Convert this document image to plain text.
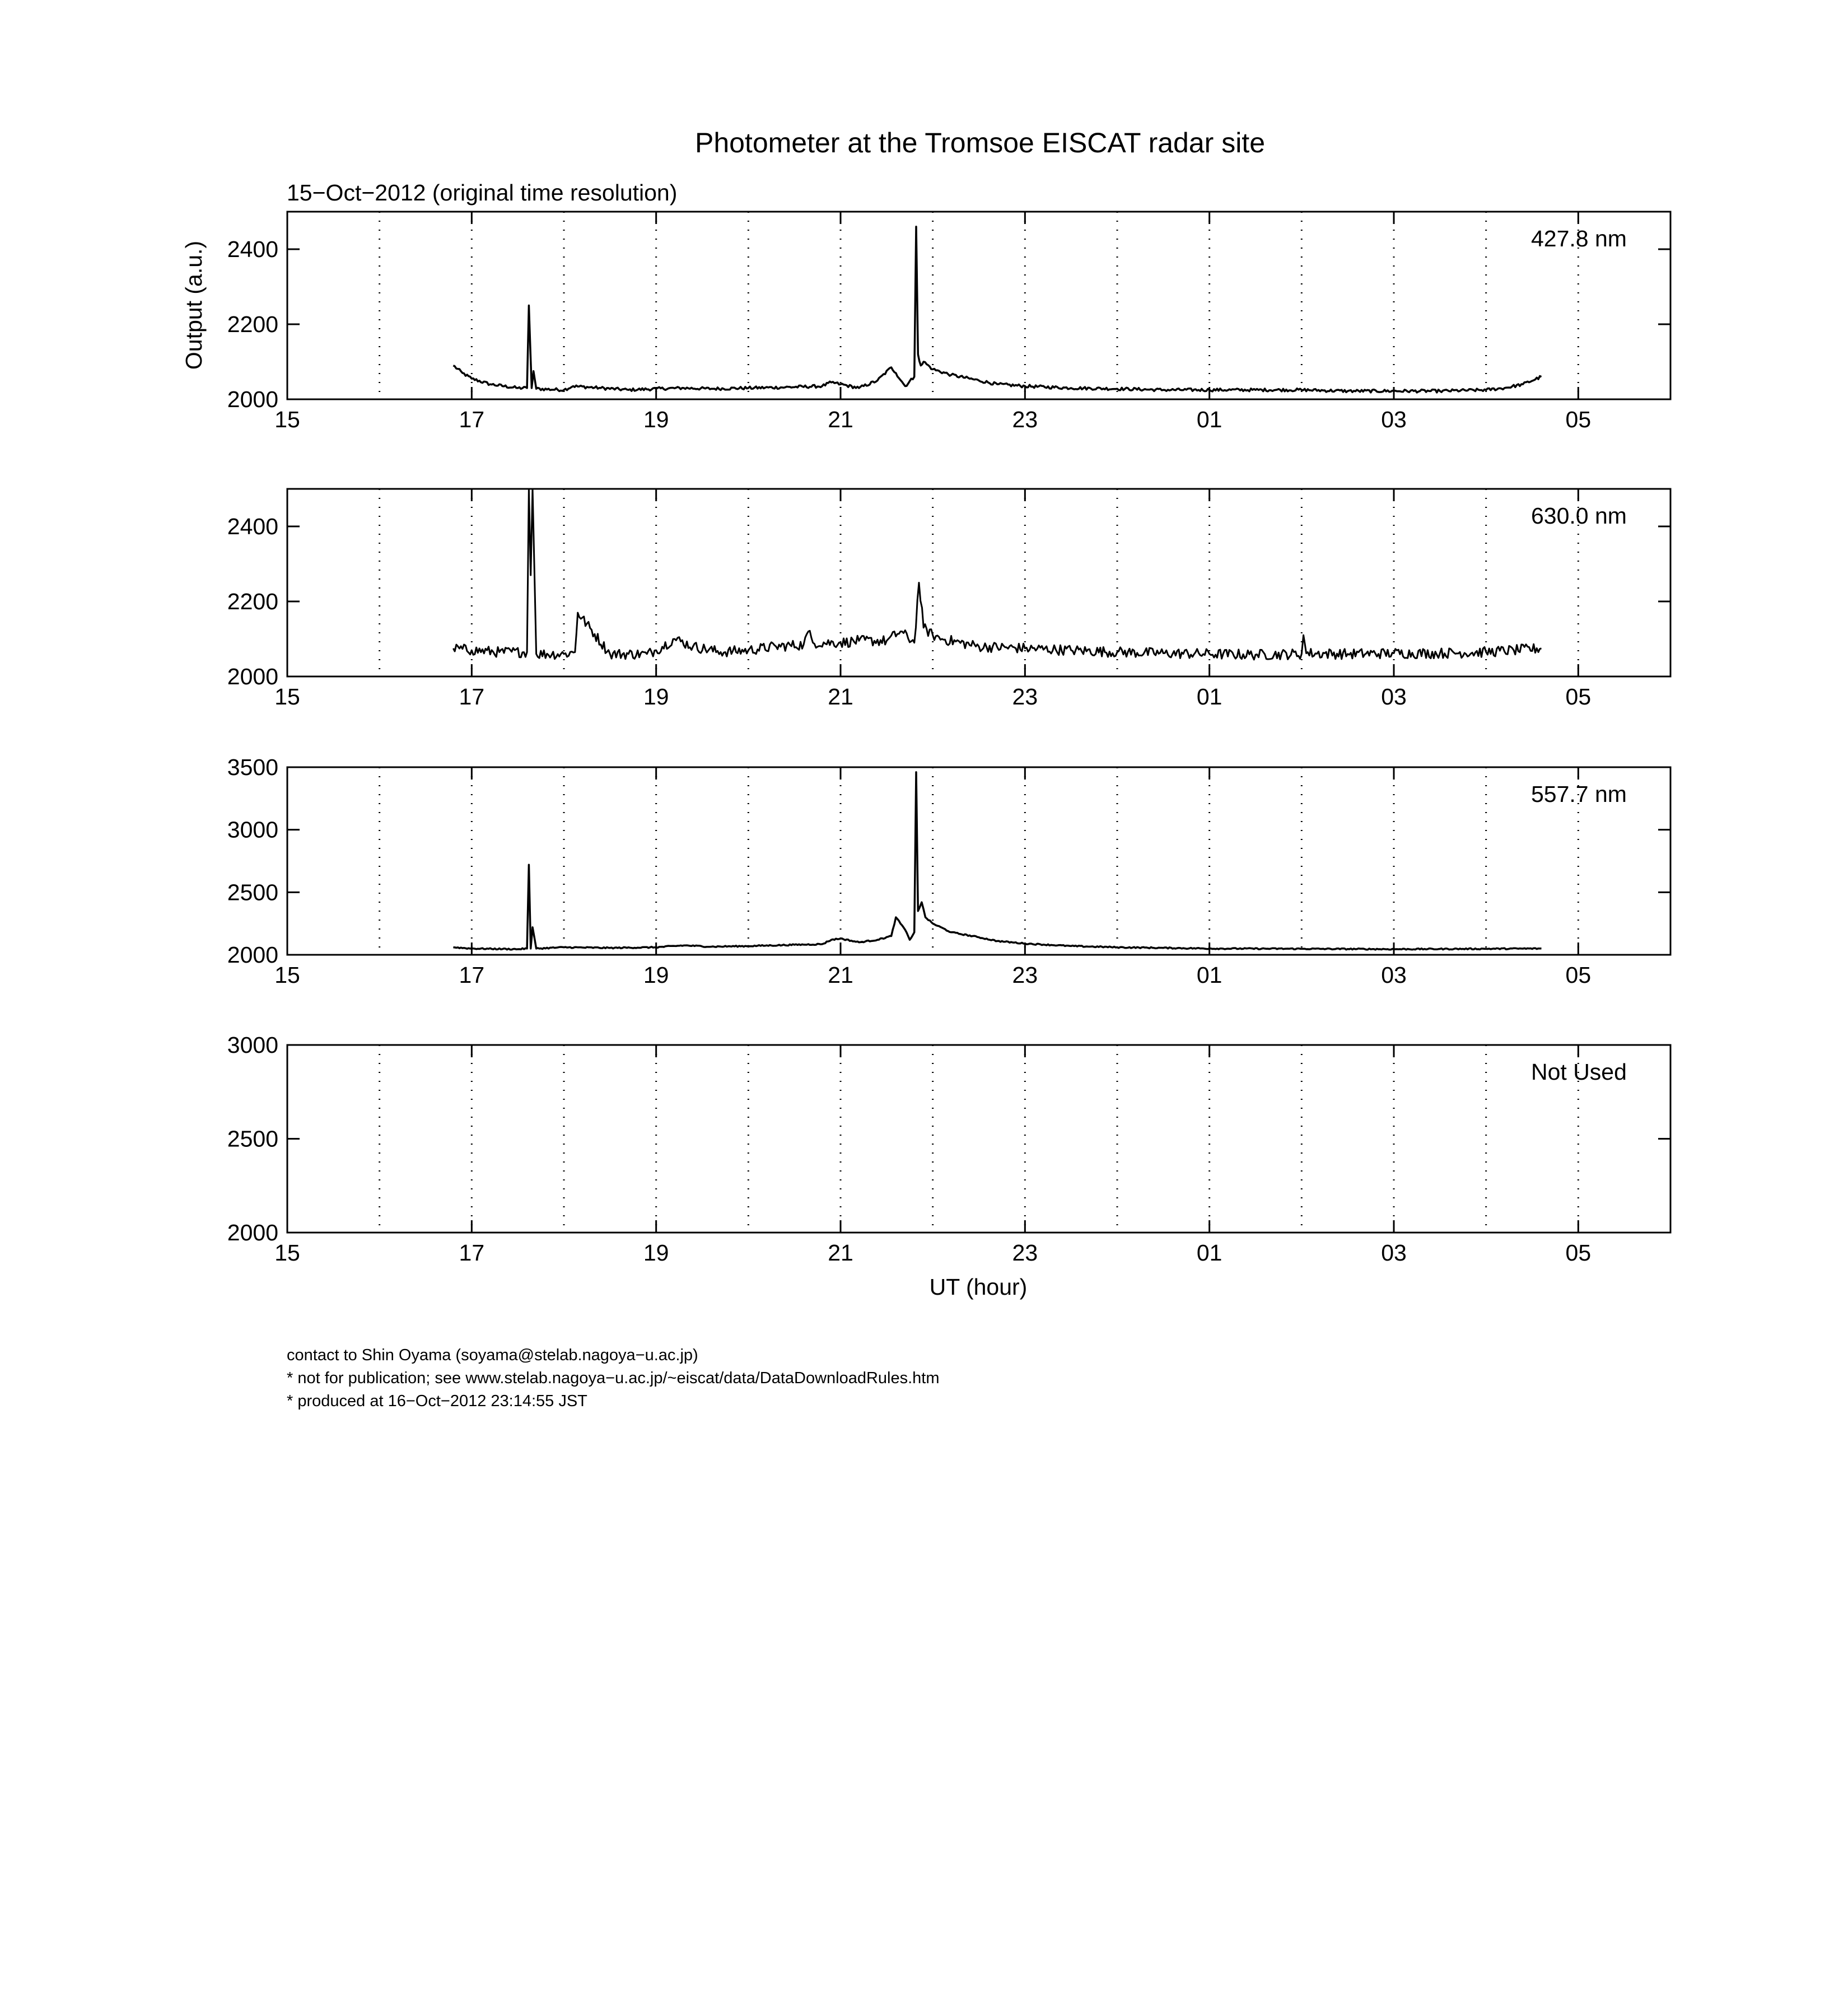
Photometer at the Tromsoe EISCAT radar site
15−Oct−2012 (original time resolution)
Output (a.u.)
UT (hour)
2000
2200
2400
15	17	19	21	23	01	03	05
427.8 nm
2000
2200
2400
15	17	19	21	23	01	03	05
630.0 nm
2000
2500
3000
3500
15	17	19	21	23	01	03	05
557.7 nm
2000
2500
3000
15	17	19	21	23	01	03	05
Not Used
contact to Shin Oyama (soyama@stelab.nagoya−u.ac.jp)
* not for publication; see www.stelab.nagoya−u.ac.jp/~eiscat/data/DataDownloadRules.htm
* produced at 16−Oct−2012 23:14:55 JST
